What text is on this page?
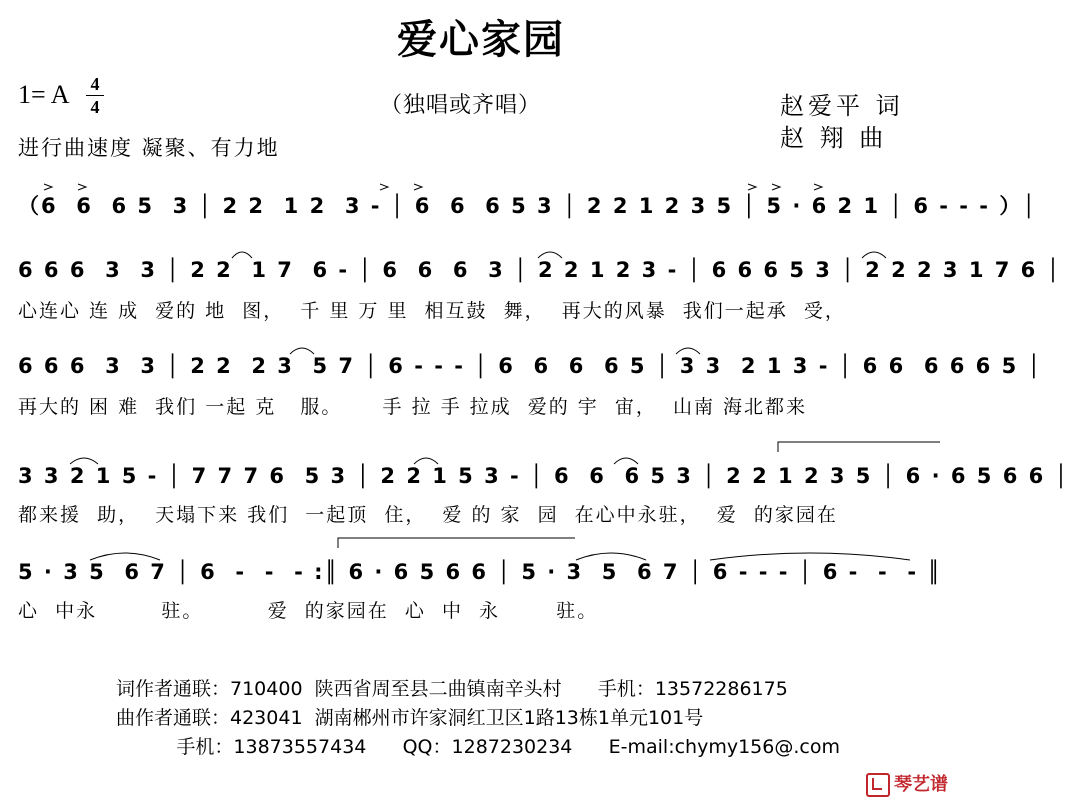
爱心家园
1= A 4
4	（独唱或齐唱）	赵爱平 词
赵 翔 曲
进行曲速度 凝聚、有力地
（6  6  6 5  3 │ 2 2  1 2  3 - │ 6  6  6 5 3 │ 2 2 1 2 3 5 │ 5 · 6 2 1 │ 6 - - - ）│
6 6 6  3  3 │ 2 2  1 7  6 - │ 6  6  6  3 │ 2 2 1 2 3 - │ 6 6 6 5 3 │ 2 2 2 3 1 7 6 │
心连心 连 成  爱的 地  图，  千 里 万 里  相互鼓  舞，  再大的风暴  我们一起承  受，
6 6 6  3  3 │ 2 2  2 3  5 7 │ 6 - - - │ 6  6  6  6 5 │ 3 3  2 1 3 - │ 6 6  6 6 6 5 │
再大的 困 难  我们 一起 克   服。     手 拉 手 拉成  爱的 宇  宙，  山南 海北都来
3 3 2 1 5 - │ 7 7 7 6  5 3 │ 2 2 1 5 3 - │ 6  6  6 5 3 │ 2 2 1 2 3 5 │ 6 · 6 5 6 6 │
都来援  助，  天塌下来 我们  一起顶  住，  爱 的 家  园  在心中永驻，  爱  的家园在
5 · 3 5  6 7 │ 6  -  -  - :║ 6 · 6 5 6 6 │ 5 · 3  5  6 7 │ 6 - - - │ 6 -  -  - ║
心  中永        驻。        爱  的家园在  心  中  永       驻。
词作者通联：710400  陕西省周至县二曲镇南辛头村      手机：13572286175
曲作者通联：423041  湖南郴州市许家洞红卫区1路13栋1单元101号
手机：13873557434      QQ：1287230234      E-mail:chymy156@.com
琴艺谱
